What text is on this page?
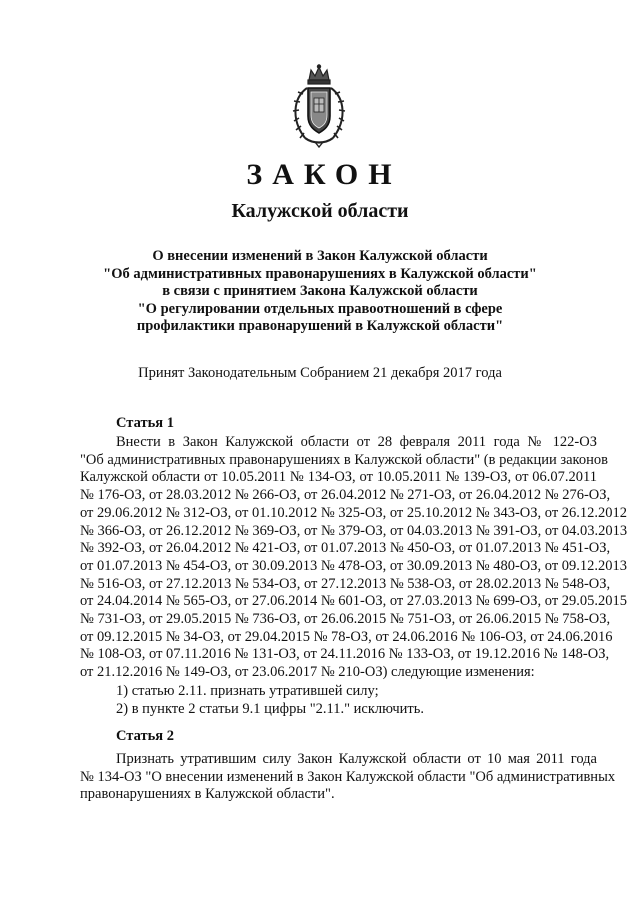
ЗАКОН
Калужской области
О внесении изменений в Закон Калужской области
"Об административных правонарушениях в Калужской области"
в связи с принятием Закона Калужской области
"О регулировании отдельных правоотношений в сфере
профилактики правонарушений в Калужской области"
Принят Законодательным Собранием 21 декабря 2017 года
Статья 1
Внести в Закон Калужской области от 28 февраля 2011 года № 122-ОЗ
"Об административных правонарушениях в Калужской области" (в редакции законов
Калужской области от 10.05.2011 № 134-ОЗ, от 10.05.2011 № 139-ОЗ, от 06.07.2011
№ 176-ОЗ, от 28.03.2012 № 266-ОЗ, от 26.04.2012 № 271-ОЗ, от 26.04.2012 № 276-ОЗ,
от 29.06.2012 № 312-ОЗ, от 01.10.2012 № 325-ОЗ, от 25.10.2012 № 343-ОЗ, от 26.12.2012
№ 366-ОЗ, от 26.12.2012 № 369-ОЗ, от № 379-ОЗ, от 04.03.2013 № 391-ОЗ, от 04.03.2013
№ 392-ОЗ, от 26.04.2012 № 421-ОЗ, от 01.07.2013 № 450-ОЗ, от 01.07.2013 № 451-ОЗ,
от 01.07.2013 № 454-ОЗ, от 30.09.2013 № 478-ОЗ, от 30.09.2013 № 480-ОЗ, от 09.12.2013
№ 516-ОЗ, от 27.12.2013 № 534-ОЗ, от 27.12.2013 № 538-ОЗ, от 28.02.2013 № 548-ОЗ,
от 24.04.2014 № 565-ОЗ, от 27.06.2014 № 601-ОЗ, от 27.03.2013 № 699-ОЗ, от 29.05.2015
№ 731-ОЗ, от 29.05.2015 № 736-ОЗ, от 26.06.2015 № 751-ОЗ, от 26.06.2015 № 758-ОЗ,
от 09.12.2015 № 34-ОЗ, от 29.04.2015 № 78-ОЗ, от 24.06.2016 № 106-ОЗ, от 24.06.2016
№ 108-ОЗ, от 07.11.2016 № 131-ОЗ, от 24.11.2016 № 133-ОЗ, от 19.12.2016 № 148-ОЗ,
от 21.12.2016 № 149-ОЗ, от 23.06.2017 № 210-ОЗ) следующие изменения:
1) статью 2.11. признать утратившей силу;
2) в пункте 2 статьи 9.1 цифры "2.11." исключить.
Статья 2
Признать утратившим силу Закон Калужской области от 10 мая 2011 года
№ 134-ОЗ "О внесении изменений в Закон Калужской области "Об административных
правонарушениях в Калужской области".
